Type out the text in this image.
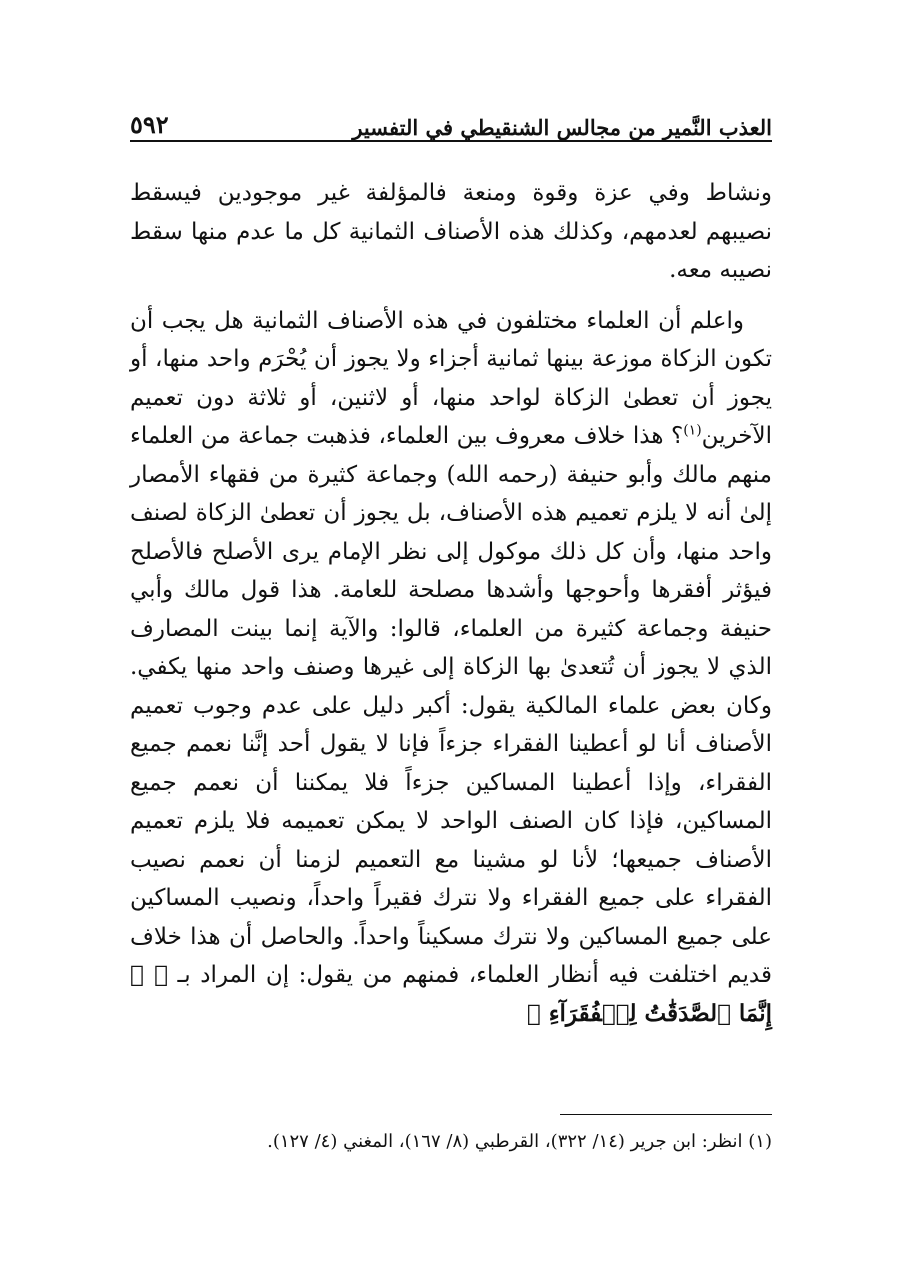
العذب النَّمير من مجالس الشنقيطي في التفسير
٥٩٢

ونشاط وفي عزة وقوة ومنعة فالمؤلفة غير موجودين فيسقط نصيبهم لعدمهم، وكذلك هذه الأصناف الثمانية كل ما عدم منها سقط نصيبه معه.

واعلم أن العلماء مختلفون في هذه الأصناف الثمانية هل يجب أن تكون الزكاة موزعة بينها ثمانية أجزاء ولا يجوز أن يُحْرَم واحد منها، أو يجوز أن تعطىٰ الزكاة لواحد منها، أو لاثنين، أو ثلاثة دون تعميم الآخرين$^{(١)}$؟ هذا خلاف معروف بين العلماء، فذهبت جماعة من العلماء منهم مالك وأبو حنيفة (رحمه الله) وجماعة كثيرة من فقهاء الأمصار إلىٰ أنه لا يلزم تعميم هذه الأصناف، بل يجوز أن تعطىٰ الزكاة لصنف واحد منها، وأن كل ذلك موكول إلى نظر الإمام يرى الأصلح فالأصلح فيؤثر أفقرها وأحوجها وأشدها مصلحة للعامة. هذا قول مالك وأبي حنيفة وجماعة كثيرة من العلماء، قالوا: والآية إنما بينت المصارف الذي لا يجوز أن تُتعدىٰ بها الزكاة إلى غيرها وصنف واحد منها يكفي. وكان بعض علماء المالكية يقول: أكبر دليل على عدم وجوب تعميم الأصناف أنا لو أعطينا الفقراء جزءاً فإنا لا يقول أحد إنَّنا نعمم جميع الفقراء، وإذا أعطينا المساكين جزءاً فلا يمكننا أن نعمم جميع المساكين، فإذا كان الصنف الواحد لا يمكن تعميمه فلا يلزم تعميم الأصناف جميعها؛ لأنا لو مشينا مع التعميم لزمنا أن نعمم نصيب الفقراء على جميع الفقراء ولا نترك فقيراً واحداً، ونصيب المساكين على جميع المساكين ولا نترك مسكيناً واحداً. والحاصل أن هذا خلاف قديم اختلفت فيه أنظار العلماء، فمنهم من يقول: إن المراد بـ ﴿ ۞ إِنَّمَا ٱلصَّدَقَٰتُ لِلۡفُقَرَآءِ ﴾

(١) انظر: ابن جرير (١٤/ ٣٢٢)، القرطبي (٨/ ١٦٧)، المغني (٤/ ١٢٧).
